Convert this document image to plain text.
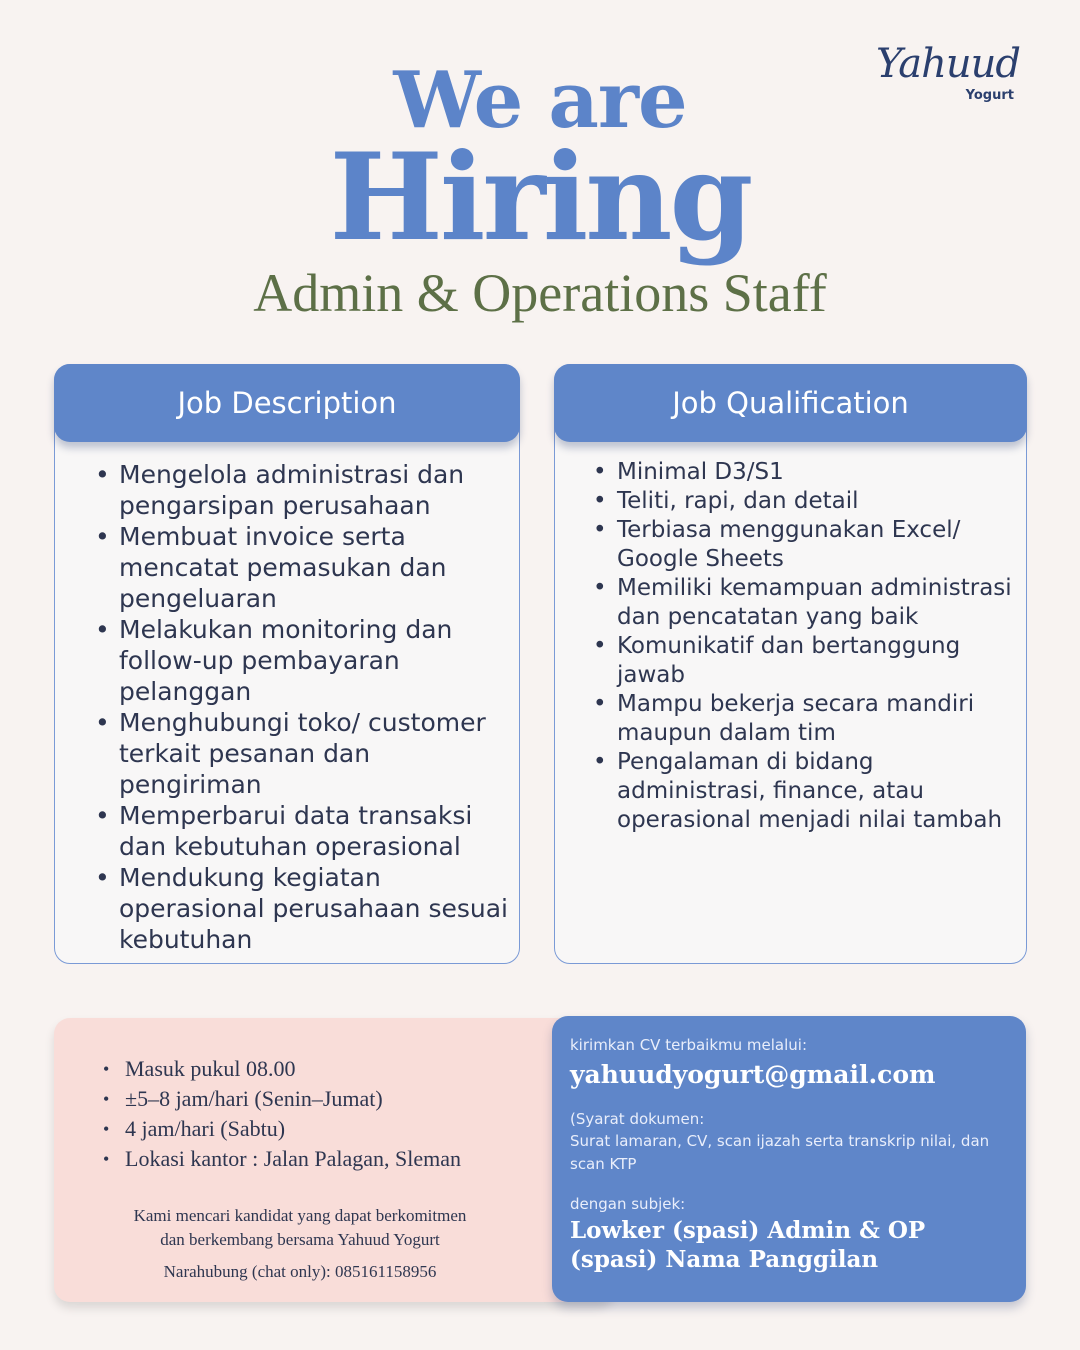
Yahuud
Yogurt
We are
Hiring
Admin & Operations Staff
Job Description
• Mengelola administrasi dan pengarsipan perusahaan
• Membuat invoice serta mencatat pemasukan dan pengeluaran
• Melakukan monitoring dan follow-up pembayaran pelanggan
• Menghubungi toko/ customer terkait pesanan dan pengiriman
• Memperbarui data transaksi dan kebutuhan operasional
• Mendukung kegiatan operasional perusahaan sesuai kebutuhan
Job Qualification
• Minimal D3/S1
• Teliti, rapi, dan detail
• Terbiasa menggunakan Excel/ Google Sheets
• Memiliki kemampuan administrasi dan pencatatan yang baik
• Komunikatif dan bertanggung jawab
• Mampu bekerja secara mandiri maupun dalam tim
• Pengalaman di bidang administrasi, finance, atau operasional menjadi nilai tambah
• Masuk pukul 08.00
• ±5–8 jam/hari (Senin–Jumat)
• 4 jam/hari (Sabtu)
• Lokasi kantor : Jalan Palagan, Sleman
Kami mencari kandidat yang dapat berkomitmen
dan berkembang bersama Yahuud Yogurt
Narahubung (chat only): 085161158956
kirimkan CV terbaikmu melalui:
yahuudyogurt@gmail.com
(Syarat dokumen:
Surat lamaran, CV, scan ijazah serta transkrip nilai, dan scan KTP
dengan subjek:
Lowker (spasi) Admin & OP (spasi) Nama Panggilan
